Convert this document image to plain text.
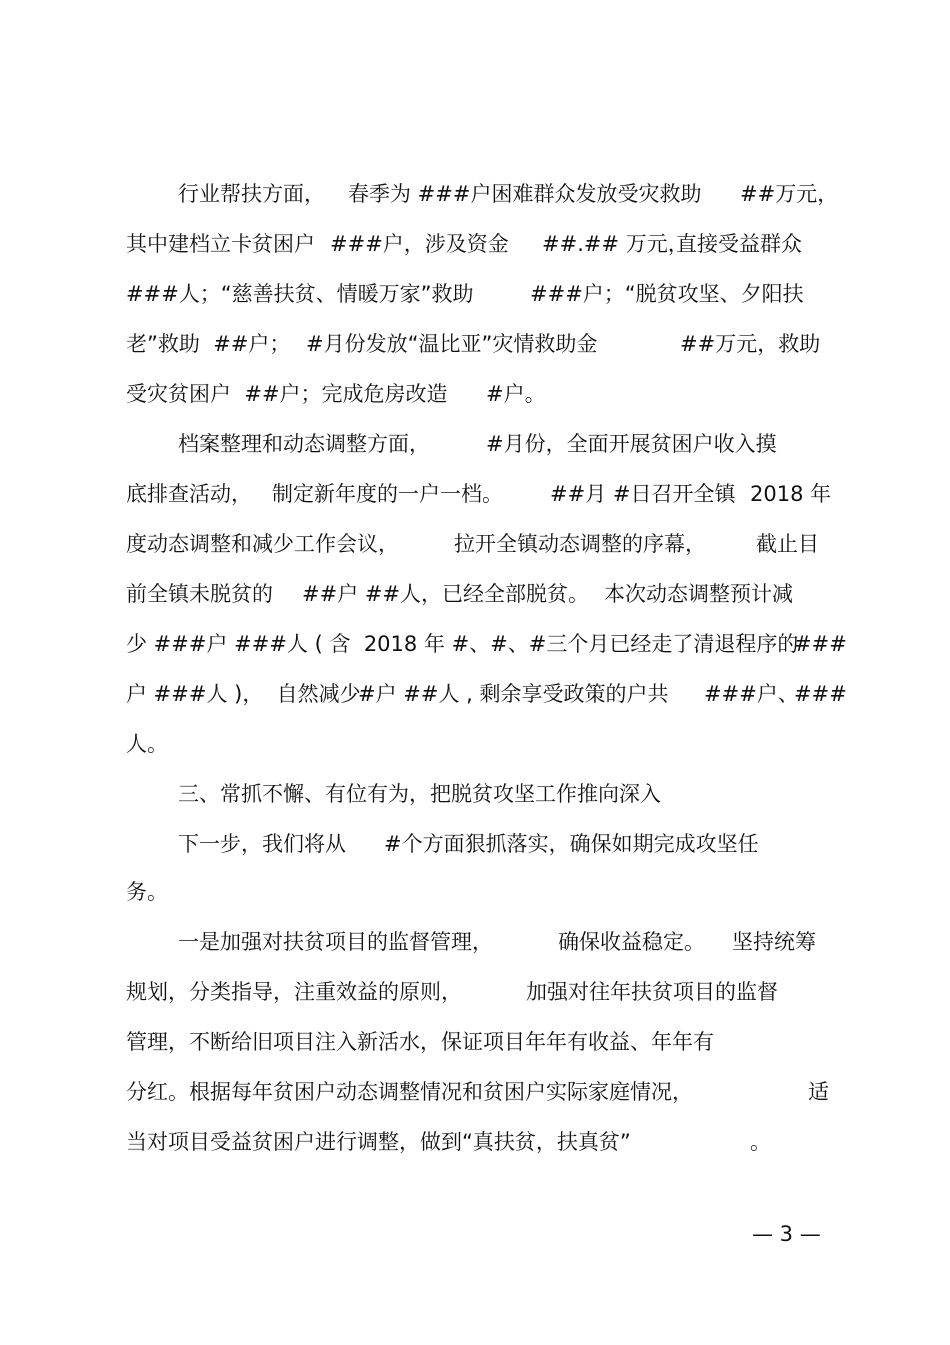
行业帮扶方面，

春季为 ###户困难群众发放受灾救助

##万元，

其中建档立卡贫困户

###户，涉及资金

##.## 万元，

直接受益群众

###人；“慈善扶贫、情暖万家”救助

	###户；“脱贫攻坚、夕阳扶

老”救助  ##户；

#月份发放“温比亚”灾情救助金

	##万元，救助

受灾贫困户  ##户；完成危房改造

#户。

档案整理和动态调整方面，

	#月份，全面开展贫困户收入摸

底排查活动，

制定新年度的一户一档。

##月 #日召开全镇

2018 年

度动态调整和减少工作会议，

	拉开全镇动态调整的序幕，

截止目

前全镇未脱贫的

##户 ##人，已经全部脱贫。

本次动态调整预计减

少 ###户 ###人 ( 含  2018 年 #、#、#三个月已经走了清退程序的

###

户 ###人 )，  自然减少

#户 ##人 , 剩余享受政策的户共

###户、

###

人。

三、常抓不懈、有位有为，把脱贫攻坚工作推向深入

下一步，我们将从

#个方面狠抓落实，确保如期完成攻坚任

务。

一是加强对扶贫项目的监督管理，

	确保收益稳定。

坚持统筹

规划，分类指导，注重效益的原则，

	加强对往年扶贫项目的监督

管理，不断给旧项目注入新活水，保证项目年年有收益、年年有

分红。根据每年贫困户动态调整情况和贫困户实际家庭情况，

	适

当对项目受益贫困户进行调整，做到“真扶贫，扶真贫”

	。

— 3 —
